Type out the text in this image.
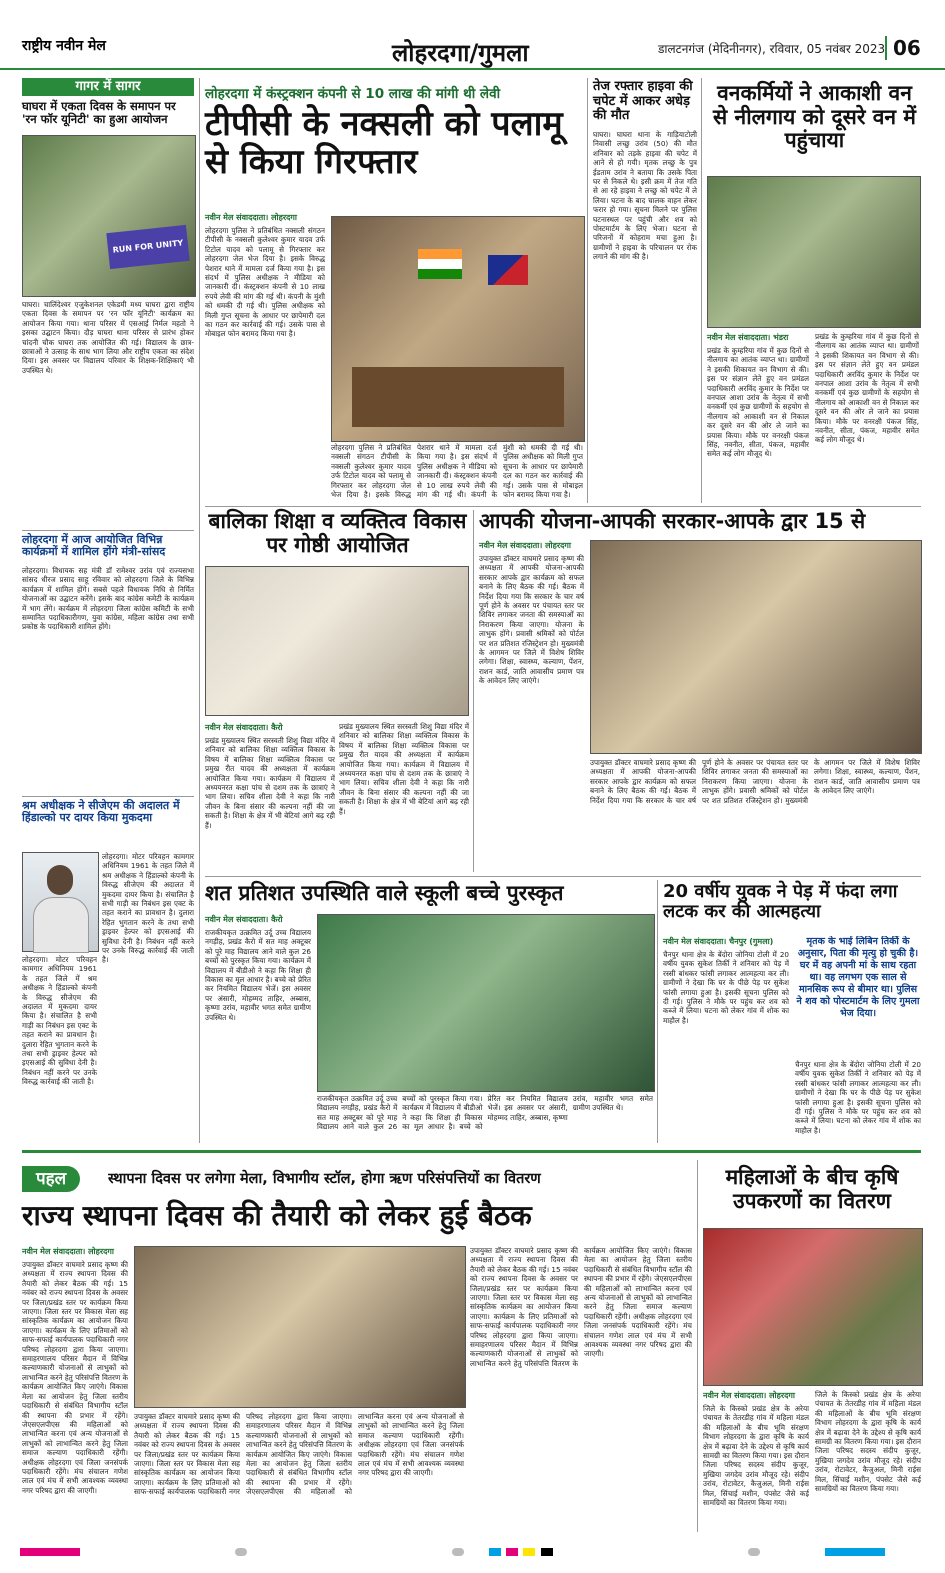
राष्ट्रीय नवीन मेल	लोहरदगा/गुमला	डालटनगंज (मेदिनीनगर), रविवार, 05 नवंबर 2023 06
गागर में सागर
घाघरा में एकता दिवस के समापन पर 'रन फॉर यूनिटी' का हुआ आयोजन
RUN FOR UNITY
घाघरा। चालिंदेश्वर एजुकेशनल एकेडमी मध्य घाघरा द्वारा राष्ट्रीय एकता दिवस के समापन पर 'रन फॉर यूनिटी' कार्यक्रम का आयोजन किया गया। थाना परिसर में एसआई निर्मल महतो ने इसका उद्घाटन किया। दौड़ घाघरा थाना परिसर से प्रारंभ होकर चांदनी चौक घाघरा तक आयोजित की गई। विद्यालय के छात्र-छात्राओं ने उत्साह के साथ भाग लिया और राष्ट्रीय एकता का संदेश दिया। इस अवसर पर विद्यालय परिवार के शिक्षक-शिक्षिकाएं भी उपस्थित थे।
लोहरदगा में आज आयोजित विभिन्न कार्यक्रमों में शामिल होंगे मंत्री-सांसद
लोहरदगा। विधायक सह मंत्री डॉ रामेश्वर उरांव एवं राज्यसभा सांसद धीरज प्रसाद साहू रविवार को लोहरदगा जिले के विभिन्न कार्यक्रम में शामिल होंगे। सबसे पहले विधायक निधि से निर्मित योजनाओं का उद्घाटन करेंगे। इसके बाद कांग्रेस कमेटी के कार्यक्रम में भाग लेंगे। कार्यक्रम में लोहरदगा जिला कांग्रेस कमिटी के सभी सम्मानित पदाधिकारीगण, युवा कांग्रेस, महिला कांग्रेस तथा सभी प्रकोष्ठ के पदाधिकारी शामिल होंगे।
श्रम अधीक्षक ने सीजेएम की अदालत में हिंडाल्को पर दायर किया मुकदमा
लोहरदगा। मोटर परिवहन कामगार अधिनियम 1961 के तहत जिले में श्रम अधीक्षक ने हिंडाल्को कंपनी के विरुद्ध सीजेएम की अदालत में मुकदमा दायर किया है। संचालित है सभी गाड़ी का निबंधन इस एक्ट के तहत कराने का प्रावधान है। दुलारा रेहित भुगतान करने के तथा सभी ड्राइवर हेल्पर को इएसआई की सुविधा देनी है। निबंधन नहीं करने पर उनके विरुद्ध कार्रवाई की जाती है।
लोहरदगा। मोटर परिवहन कामगार अधिनियम 1961 के तहत जिले में श्रम अधीक्षक ने हिंडाल्को कंपनी के विरुद्ध सीजेएम की अदालत में मुकदमा दायर किया है। संचालित है सभी गाड़ी का निबंधन इस एक्ट के तहत कराने का प्रावधान है। दुलारा रेहित भुगतान करने के तथा सभी ड्राइवर हेल्पर को इएसआई की सुविधा देनी है। निबंधन नहीं करने पर उनके विरुद्ध कार्रवाई की जाती है।
लोहरदगा में कंस्ट्रक्शन कंपनी से 10 लाख की मांगी थी लेवी
टीपीसी के नक्सली को पलामू से किया गिरफ्तार
नवीन मेल संवाददाता। लोहरदगा
लोहरदगा पुलिस ने प्रतिबंधित नक्सली संगठन टीपीसी के नक्सली कुलेश्वर कुमार यादव उर्फ टिटोल यादव को पलामू से गिरफ्तार कर लोहरदगा जेल भेज दिया है। इसके विरुद्ध पेशरार थाने में मामला दर्ज किया गया है। इस संदर्भ में पुलिस अधीक्षक ने मीडिया को जानकारी दी। कंस्ट्रक्शन कंपनी से 10 लाख रुपये लेवी की मांग की गई थी। कंपनी के मुंशी को धमकी दी गई थी। पुलिस अधीक्षक को मिली गुप्त सूचना के आधार पर छापेमारी दल का गठन कर कार्रवाई की गई। उसके पास से मोबाइल फोन बरामद किया गया है।
लोहरदगा पुलिस ने प्रतिबंधित नक्सली संगठन टीपीसी के नक्सली कुलेश्वर कुमार यादव उर्फ टिटोल यादव को पलामू से गिरफ्तार कर लोहरदगा जेल भेज दिया है। इसके विरुद्ध पेशरार थाने में मामला दर्ज किया गया है। इस संदर्भ में पुलिस अधीक्षक ने मीडिया को जानकारी दी। कंस्ट्रक्शन कंपनी से 10 लाख रुपये लेवी की मांग की गई थी। कंपनी के मुंशी को धमकी दी गई थी। पुलिस अधीक्षक को मिली गुप्त सूचना के आधार पर छापेमारी दल का गठन कर कार्रवाई की गई। उसके पास से मोबाइल फोन बरामद किया गया है।
तेज रफ्तार हाइवा की चपेट में आकर अधेड़ की मौत
घाघरा। घाघरा थाना के गाड़ियाटोली निवासी लच्छु उरांव (50) की मौत शनिवार को तड़के हाइवा की चपेट में आने से हो गयी। मृतक लच्छु के पुत्र ईडताम उरांव ने बताया कि उसके पिता घर से निकले थे। इसी क्रम में तेज गति से आ रहे हाइवा ने लच्छु को चपेट में ले लिया। घटना के बाद चालक वाहन लेकर फरार हो गया। सूचना मिलने पर पुलिस घटनास्थल पर पहुंची और शव को पोस्टमार्टम के लिए भेजा। घटना से परिजनों में कोहराम मचा हुआ है। ग्रामीणों ने हाइवा के परिचालन पर रोक लगाने की मांग की है।
वनकर्मियों ने आकाशी वन से नीलगाय को दूसरे वन में पहुंचाया
नवीन मेल संवाददाता। भंडरा
प्रखंड के कुम्हरिया गांव में कुछ दिनों से नीलगाय का आतंक व्याप्त था। ग्रामीणों ने इसकी शिकायत वन विभाग से की। इस पर संज्ञान लेते हुए वन प्रमंडल पदाधिकारी अरविंद कुमार के निर्देश पर वनपाल आशा उरांव के नेतृत्व में सभी वनकर्मी एवं कुछ ग्रामीणों के सहयोग से नीलगाय को आकाशी वन से निकाल कर दूसरे वन की ओर ले जाने का प्रयास किया। मौके पर वनरक्षी पंकज सिंह, नवनीत, सीता, पंकज, महावीर समेत कई लोग मौजूद थे।
प्रखंड के कुम्हरिया गांव में कुछ दिनों से नीलगाय का आतंक व्याप्त था। ग्रामीणों ने इसकी शिकायत वन विभाग से की। इस पर संज्ञान लेते हुए वन प्रमंडल पदाधिकारी अरविंद कुमार के निर्देश पर वनपाल आशा उरांव के नेतृत्व में सभी वनकर्मी एवं कुछ ग्रामीणों के सहयोग से नीलगाय को आकाशी वन से निकाल कर दूसरे वन की ओर ले जाने का प्रयास किया। मौके पर वनरक्षी पंकज सिंह, नवनीत, सीता, पंकज, महावीर समेत कई लोग मौजूद थे।
बालिका शिक्षा व व्यक्तित्व विकास पर गोष्ठी आयोजित
नवीन मेल संवाददाता। कैरो
प्रखंड मुख्यालय स्थित सरस्वती शिशु विद्या मंदिर में शनिवार को बालिका शिक्षा व्यक्तित्व विकास के विषय में बालिका शिक्षा व्यक्तित्व विकास पर प्रमुख रीत यादव की अध्यक्षता में कार्यक्रम आयोजित किया गया। कार्यक्रम में विद्यालय में अध्ययनरत कक्षा पांच से दशम तक के छात्राएं ने भाग लिया। सचिव शीला देवी ने कहा कि नारी जीवन के बिना संसार की कल्पना नहीं की जा सकती है। शिक्षा के क्षेत्र में भी बेटियां आगे बढ़ रही हैं।
प्रखंड मुख्यालय स्थित सरस्वती शिशु विद्या मंदिर में शनिवार को बालिका शिक्षा व्यक्तित्व विकास के विषय में बालिका शिक्षा व्यक्तित्व विकास पर प्रमुख रीत यादव की अध्यक्षता में कार्यक्रम आयोजित किया गया। कार्यक्रम में विद्यालय में अध्ययनरत कक्षा पांच से दशम तक के छात्राएं ने भाग लिया। सचिव शीला देवी ने कहा कि नारी जीवन के बिना संसार की कल्पना नहीं की जा सकती है। शिक्षा के क्षेत्र में भी बेटियां आगे बढ़ रही हैं।
आपकी योजना-आपकी सरकार-आपके द्वार 15 से
नवीन मेल संवाददाता। लोहरदगा
उपायुक्त डॉक्टर वाघमारे प्रसाद कृष्ण की अध्यक्षता में आपकी योजना-आपकी सरकार आपके द्वार कार्यक्रम को सफल बनाने के लिए बैठक की गई। बैठक में निर्देश दिया गया कि सरकार के चार वर्ष पूर्ण होने के अवसर पर पंचायत स्तर पर शिविर लगाकर जनता की समस्याओं का निराकरण किया जाएगा। योजना के लाभुक होंगे। प्रवासी श्रमिकों को पोर्टल पर शत प्रतिशत रजिस्ट्रेशन हो। मुख्यमंत्री के आगमन पर जिले में विशेष शिविर लगेगा। शिक्षा, स्वास्थ्य, कल्याण, पेंशन, राशन कार्ड, जाति आवासीय प्रमाण पत्र के आवेदन लिए जाएंगे।
उपायुक्त डॉक्टर वाघमारे प्रसाद कृष्ण की अध्यक्षता में आपकी योजना-आपकी सरकार आपके द्वार कार्यक्रम को सफल बनाने के लिए बैठक की गई। बैठक में निर्देश दिया गया कि सरकार के चार वर्ष पूर्ण होने के अवसर पर पंचायत स्तर पर शिविर लगाकर जनता की समस्याओं का निराकरण किया जाएगा। योजना के लाभुक होंगे। प्रवासी श्रमिकों को पोर्टल पर शत प्रतिशत रजिस्ट्रेशन हो। मुख्यमंत्री के आगमन पर जिले में विशेष शिविर लगेगा। शिक्षा, स्वास्थ्य, कल्याण, पेंशन, राशन कार्ड, जाति आवासीय प्रमाण पत्र के आवेदन लिए जाएंगे।
शत प्रतिशत उपस्थिति वाले स्कूली बच्चे पुरस्कृत
नवीन मेल संवाददाता। कैरो
राजकीयकृत उत्क्रमित उर्दू उच्च विद्यालय नगड़ीह, प्रखंड कैरो में सत माह अक्टूबर को पूरे माह विद्यालय आने वाले कुल 26 बच्चों को पुरस्कृत किया गया। कार्यक्रम में विद्यालय में बीडीओ ने कहा कि शिक्षा ही विकास का मूल आधार है। बच्चे को प्रेरित कर नियमित विद्यालय भेजें। इस अवसर पर अंसारी, मोहम्मद ताहिर, अब्बास, कृष्णा उरांव, महावीर भगत समेत ग्रामीण उपस्थित थे।
राजकीयकृत उत्क्रमित उर्दू उच्च विद्यालय नगड़ीह, प्रखंड कैरो में सत माह अक्टूबर को पूरे माह विद्यालय आने वाले कुल 26 बच्चों को पुरस्कृत किया गया। कार्यक्रम में विद्यालय में बीडीओ ने कहा कि शिक्षा ही विकास का मूल आधार है। बच्चे को प्रेरित कर नियमित विद्यालय भेजें। इस अवसर पर अंसारी, मोहम्मद ताहिर, अब्बास, कृष्णा उरांव, महावीर भगत समेत ग्रामीण उपस्थित थे।
20 वर्षीय युवक ने पेड़ में फंदा लगा लटक कर की आत्महत्या
नवीन मेल संवाददाता। चैनपुर (गुमला)
चैनपुर थाना क्षेत्र के बेंदोरा जोनिया टोली में 20 वर्षीय युवक सुकेश तिर्की ने शनिवार को पेड़ में रस्सी बांधकर फांसी लगाकर आत्महत्या कर ली। ग्रामीणों ने देखा कि घर के पीछे पेड़ पर सुकेश फांसी लगाया हुआ है। इसकी सूचना पुलिस को दी गई। पुलिस ने मौके पर पहुंच कर शव को कब्जे में लिया। घटना को लेकर गांव में शोक का माहौल है।
मृतक के भाई लिबिन तिर्की के अनुसार, पिता की मृत्यु हो चुकी है। घर में वह अपनी मां के साथ रहता था। वह लगभग एक साल से मानसिक रूप से बीमार था। पुलिस ने शव को पोस्टमार्टम के लिए गुमला भेज दिया।
चैनपुर थाना क्षेत्र के बेंदोरा जोनिया टोली में 20 वर्षीय युवक सुकेश तिर्की ने शनिवार को पेड़ में रस्सी बांधकर फांसी लगाकर आत्महत्या कर ली। ग्रामीणों ने देखा कि घर के पीछे पेड़ पर सुकेश फांसी लगाया हुआ है। इसकी सूचना पुलिस को दी गई। पुलिस ने मौके पर पहुंच कर शव को कब्जे में लिया। घटना को लेकर गांव में शोक का माहौल है।
पहल	स्थापना दिवस पर लगेगा मेला, विभागीय स्टॉल, होगा ऋण परिसंपत्तियों का वितरण
राज्य स्थापना दिवस की तैयारी को लेकर हुई बैठक
नवीन मेल संवाददाता। लोहरदगा
उपायुक्त डॉक्टर वाघमारे प्रसाद कृष्ण की अध्यक्षता में राज्य स्थापना दिवस की तैयारी को लेकर बैठक की गई। 15 नवंबर को राज्य स्थापना दिवस के अवसर पर जिला/प्रखंड स्तर पर कार्यक्रम किया जाएगा। जिला स्तर पर विकास मेला सह सांस्कृतिक कार्यक्रम का आयोजन किया जाएगा। कार्यक्रम के लिए प्रतिमाओं को साफ-सफाई कार्यपालक पदाधिकारी नगर परिषद लोहरदगा द्वारा किया जाएगा। समाहरणालय परिसर मैदान में विभिन्न कल्याणकारी योजनाओं से लाभुकों को लाभान्वित करने हेतु परिसंपत्ति वितरण के कार्यक्रम आयोजित किए जाएंगे। विकास मेला का आयोजन हेतु जिला स्तरीय पदाधिकारी से संबंधित विभागीय स्टॉल की स्थापना की प्रभार में रहेंगे। जेएसएलपीएस की महिलाओं को लाभान्वित करना एवं अन्य योजनाओं से लाभुकों को लाभान्वित करने हेतु जिला समाज कल्याण पदाधिकारी रहेंगी। अधीक्षक लोहरदगा एवं जिला जनसंपर्क पदाधिकारी रहेंगे। मंच संचालन गणेश लाल एवं मंच में सभी आवश्यक व्यवस्था नगर परिषद द्वारा की जाएगी।
उपायुक्त डॉक्टर वाघमारे प्रसाद कृष्ण की अध्यक्षता में राज्य स्थापना दिवस की तैयारी को लेकर बैठक की गई। 15 नवंबर को राज्य स्थापना दिवस के अवसर पर जिला/प्रखंड स्तर पर कार्यक्रम किया जाएगा। जिला स्तर पर विकास मेला सह सांस्कृतिक कार्यक्रम का आयोजन किया जाएगा। कार्यक्रम के लिए प्रतिमाओं को साफ-सफाई कार्यपालक पदाधिकारी नगर परिषद लोहरदगा द्वारा किया जाएगा। समाहरणालय परिसर मैदान में विभिन्न कल्याणकारी योजनाओं से लाभुकों को लाभान्वित करने हेतु परिसंपत्ति वितरण के कार्यक्रम आयोजित किए जाएंगे। विकास मेला का आयोजन हेतु जिला स्तरीय पदाधिकारी से संबंधित विभागीय स्टॉल की स्थापना की प्रभार में रहेंगे। जेएसएलपीएस की महिलाओं को लाभान्वित करना एवं अन्य योजनाओं से लाभुकों को लाभान्वित करने हेतु जिला समाज कल्याण पदाधिकारी रहेंगी। अधीक्षक लोहरदगा एवं जिला जनसंपर्क पदाधिकारी रहेंगे। मंच संचालन गणेश लाल एवं मंच में सभी आवश्यक व्यवस्था नगर परिषद द्वारा की जाएगी।
उपायुक्त डॉक्टर वाघमारे प्रसाद कृष्ण की अध्यक्षता में राज्य स्थापना दिवस की तैयारी को लेकर बैठक की गई। 15 नवंबर को राज्य स्थापना दिवस के अवसर पर जिला/प्रखंड स्तर पर कार्यक्रम किया जाएगा। जिला स्तर पर विकास मेला सह सांस्कृतिक कार्यक्रम का आयोजन किया जाएगा। कार्यक्रम के लिए प्रतिमाओं को साफ-सफाई कार्यपालक पदाधिकारी नगर परिषद लोहरदगा द्वारा किया जाएगा। समाहरणालय परिसर मैदान में विभिन्न कल्याणकारी योजनाओं से लाभुकों को लाभान्वित करने हेतु परिसंपत्ति वितरण के कार्यक्रम आयोजित किए जाएंगे। विकास मेला का आयोजन हेतु जिला स्तरीय पदाधिकारी से संबंधित विभागीय स्टॉल की स्थापना की प्रभार में रहेंगे। जेएसएलपीएस की महिलाओं को लाभान्वित करना एवं अन्य योजनाओं से लाभुकों को लाभान्वित करने हेतु जिला समाज कल्याण पदाधिकारी रहेंगी। अधीक्षक लोहरदगा एवं जिला जनसंपर्क पदाधिकारी रहेंगे। मंच संचालन गणेश लाल एवं मंच में सभी आवश्यक व्यवस्था नगर परिषद द्वारा की जाएगी।
महिलाओं के बीच कृषि उपकरणों का वितरण
नवीन मेल संवाददाता। लोहरदगा
जिले के किस्को प्रखंड क्षेत्र के अरेया पंचायत के तेतरडीह गांव में महिला मंडल की महिलाओं के बीच भूमि संरक्षण विभाग लोहरदगा के द्वारा कृषि के कार्य क्षेत्र में बढ़ावा देने के उद्देश्य से कृषि कार्य सामग्री का वितरण किया गया। इस दौरान जिला परिषद सदस्य संदीप कुजूर, मुखिया जगदेव उरांव मौजूद रहे। संदीप उरांव, रोटावेटर, कैजुअल, मिनी राईस मिल, सिंचाई मशीन, पंपसेट जैसे कई सामग्रियों का वितरण किया गया।
जिले के किस्को प्रखंड क्षेत्र के अरेया पंचायत के तेतरडीह गांव में महिला मंडल की महिलाओं के बीच भूमि संरक्षण विभाग लोहरदगा के द्वारा कृषि के कार्य क्षेत्र में बढ़ावा देने के उद्देश्य से कृषि कार्य सामग्री का वितरण किया गया। इस दौरान जिला परिषद सदस्य संदीप कुजूर, मुखिया जगदेव उरांव मौजूद रहे। संदीप उरांव, रोटावेटर, कैजुअल, मिनी राईस मिल, सिंचाई मशीन, पंपसेट जैसे कई सामग्रियों का वितरण किया गया।
